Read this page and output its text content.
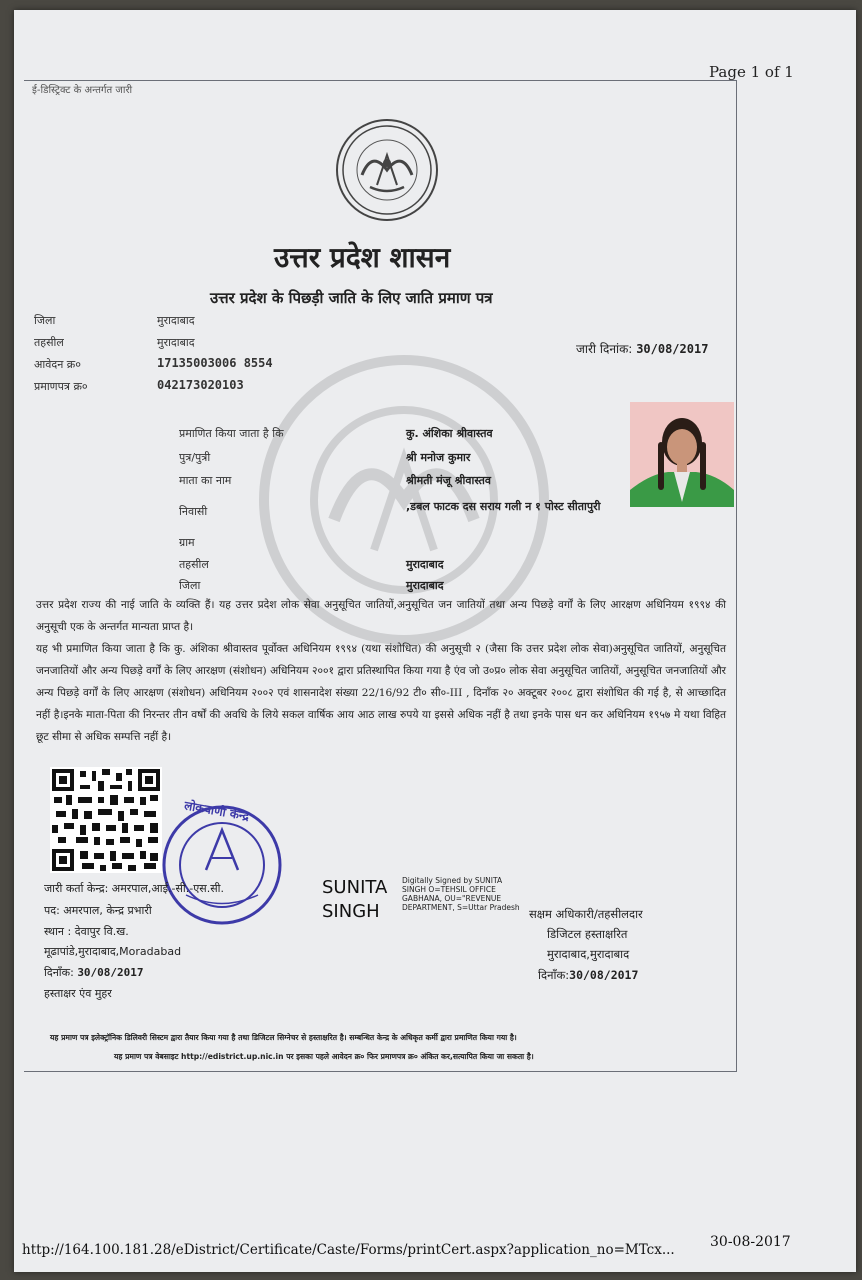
Page 1 of 1
ई-डिस्ट्रिक्ट के अन्तर्गत जारी
उत्तर प्रदेश शासन
उत्तर प्रदेश के पिछड़ी जाति के लिए जाति प्रमाण पत्र
जिला	मुरादाबाद
तहसील	मुरादाबाद
आवेदन क्र०	17135003006 8554
प्रमाणपत्र क्र०	042173020103
जारी दिनांक: 30/08/2017
प्रमाणित किया जाता है कि	कु. अंशिका श्रीवास्तव
पुत्र/पुत्री	श्री मनोज कुमार
माता का नाम	श्रीमती मंजू श्रीवास्तव
निवासी	,डबल फाटक दस सराय गली न १ पोस्ट सीतापुरी
ग्राम
तहसील	मुरादाबाद
जिला	मुरादाबाद
उत्तर प्रदेश राज्य की नाई जाति के व्यक्ति हैं। यह उत्तर प्रदेश लोक सेवा अनुसूचित जातियों,अनुसूचित जन जातियों तथा अन्य पिछड़े वर्गों के लिए आरक्षण अधिनियम १९९४ की अनुसूची एक के अन्तर्गत मान्यता प्राप्त है।
यह भी प्रमाणित किया जाता है कि कु. अंशिका श्रीवास्तव पूर्वोक्त अधिनियम १९९४ (यथा संशोधित) की अनुसूची २ (जैसा कि उत्तर प्रदेश लोक सेवा)अनुसूचित जातियों, अनुसूचित जनजातियों और अन्य पिछड़े वर्गों के लिए आरक्षण (संशोधन) अधिनियम २००१ द्वारा प्रतिस्थापित किया गया है एंव जो उ०प्र० लोक सेवा अनुसूचित जातियों, अनुसूचित जनजातियों और अन्य पिछड़े वर्गों के लिए आरक्षण (संशोधन) अधिनियम २००२ एवं शासनादेश संख्या 22/16/92 टी० सी०-III , दिनाँक २० अक्टूबर २००८ द्वारा संशोधित की गई है, से आच्छादित नहीं है।इनके माता-पिता की निरन्तर तीन वर्षों की अवधि के लिये सकल वार्षिक आय आठ लाख रुपये या इससे अधिक नहीं है तथा इनके पास धन कर अधिनियम १९५७ मे यथा विहित छूट सीमा से अधिक सम्पत्ति नहीं है।
लोकवाणी केन्द्र
SUNITA
SINGH
Digitally Signed by SUNITA SINGH O=TEHSIL OFFICE GABHANA, OU="REVENUE DEPARTMENT, S=Uttar Pradesh
जारी कर्ता केन्द्र: अमरपाल,आई.-सी.-एस.सी.
पद: अमरपाल, केन्द्र प्रभारी
स्थान : देवापुर वि.ख.
मूढापांडे,मुरादाबाद,Moradabad
दिनाँक: 30/08/2017
हस्ताक्षर एंव मुहर
सक्षम अधिकारी/तहसीलदार
डिजिटल हस्ताक्षरित
मुरादाबाद,मुरादाबाद
दिनाँक:30/08/2017
यह प्रमाण पत्र इलेक्ट्रॉनिक डिलिवरी सिस्टम द्वारा तैयार किया गया है तथा डिजिटल सिग्नेचर से हस्ताक्षरित है। सम्बन्धित केन्द्र के अधिकृत कर्मी द्वारा प्रमाणित किया गया है।
यह प्रमाण पत्र वेबसाइट http://edistrict.up.nic.in पर इसका पहले आवेदन क्र० फिर प्रमाणपत्र क्र० अंकित कर,सत्यापित किया जा सकता है।
http://164.100.181.28/eDistrict/Certificate/Caste/Forms/printCert.aspx?application_no=MTcx...	30-08-2017
